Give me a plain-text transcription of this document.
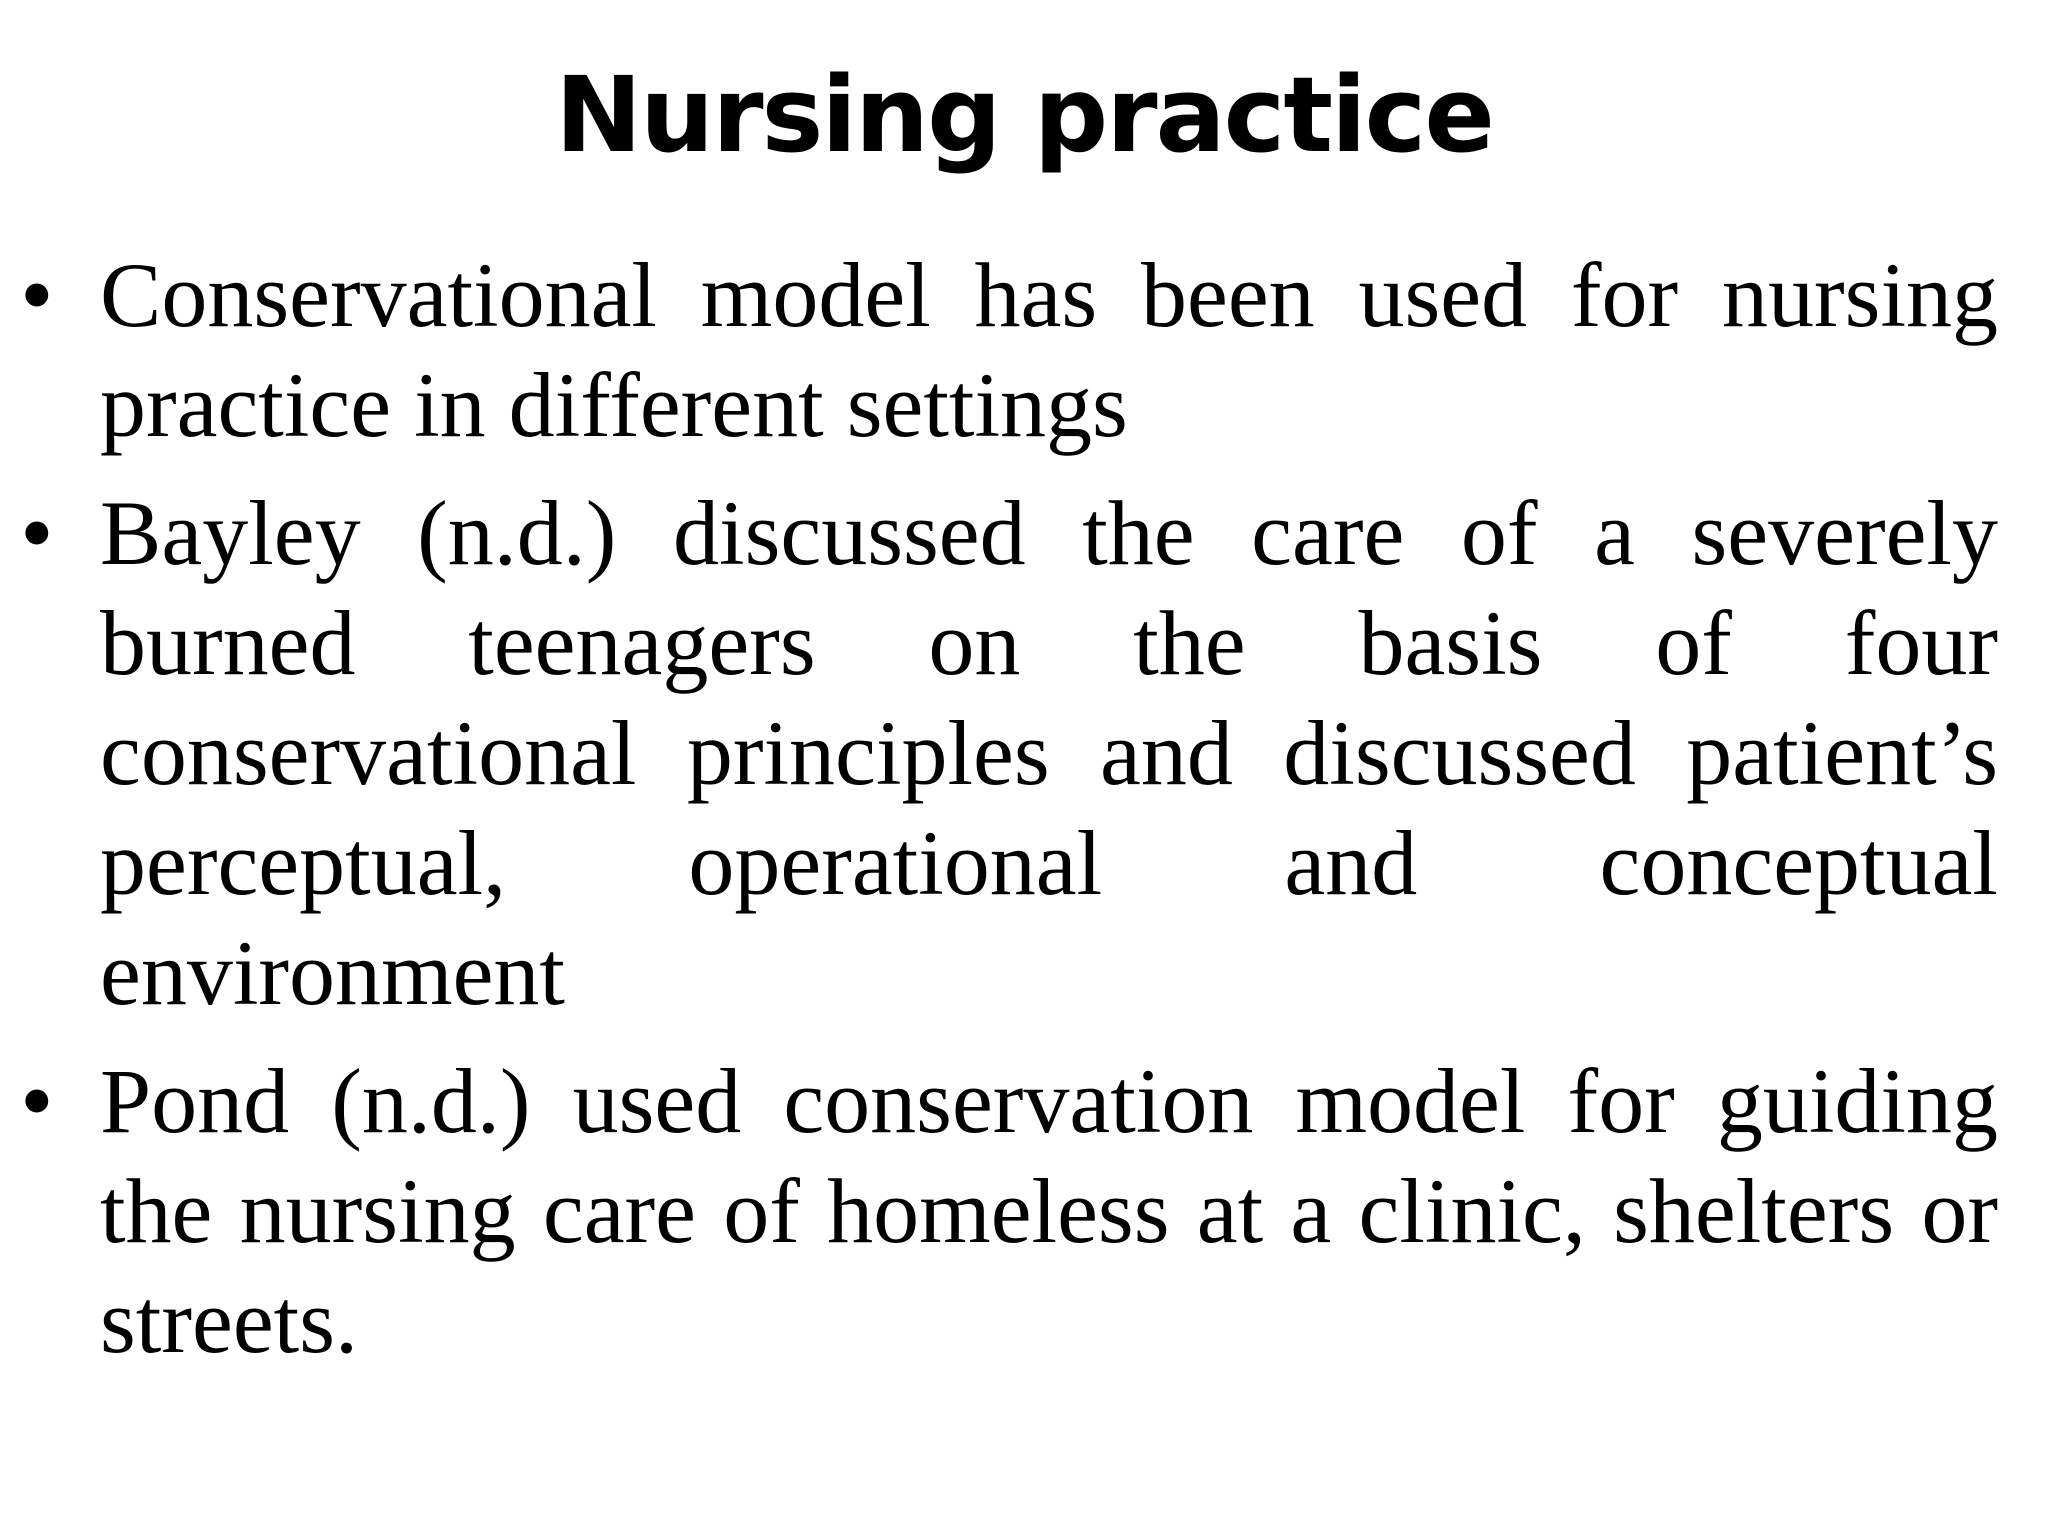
Nursing practice
• Conservational model has been used for nursing practice in different settings
• Bayley (n.d.) discussed the care of a severely burned teenagers on the basis of four conservational principles and discussed patient’s perceptual, operational and conceptual environment
• Pond (n.d.) used conservation model for guiding the nursing care of homeless at a clinic, shelters or streets.
